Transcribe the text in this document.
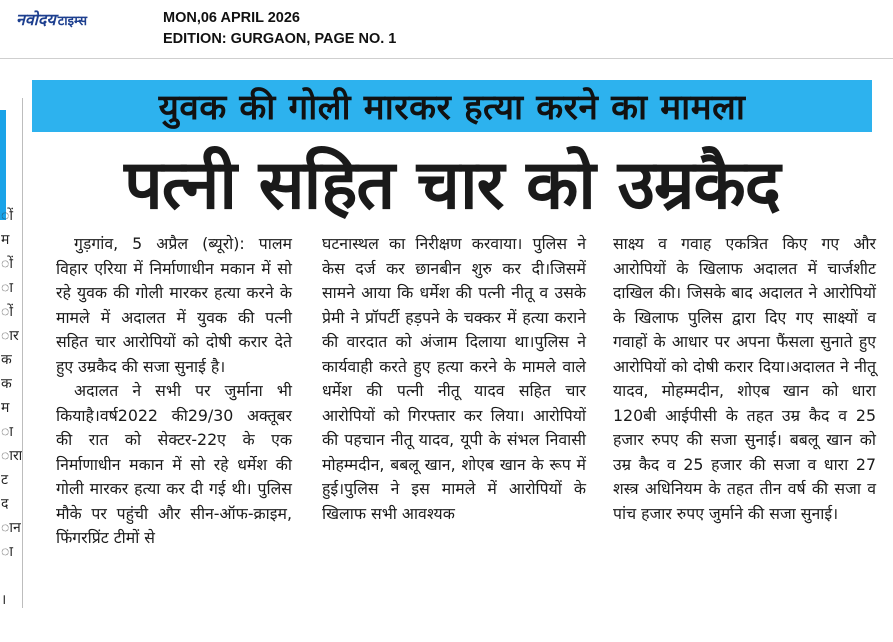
नवोदय टाइम्स	MON,06 APRIL 2026
EDITION: GURGAON, PAGE NO. 1
ों
म
ों
ा
ों
ार
क
क
म
ा
ारा
ट
द
ान
ा
।
युवक की गोली मारकर हत्या करने का मामला
पत्नी सहित चार को उम्रकैद

गुड़गांव, 5 अप्रैल (ब्यूरो): पालम विहार एरिया में निर्माणाधीन मकान में सो रहे युवक की गोली मारकर हत्या करने के मामले में अदालत में युवक की पत्नी सहित चार आरोपियों को दोषी करार देते हुए उम्रकैद की सजा सुनाई है।

अदालत ने सभी पर जुर्माना भी कियाहै।वर्ष2022 की29/30 अक्तूबर की रात को सेक्टर-22ए के एक निर्माणाधीन मकान में सो रहे धर्मेश की गोली मारकर हत्या कर दी गई थी। पुलिस मौके पर पहुंची और सीन-ऑफ-क्राइम, फिंगरप्रिंट टीमों से

घटनास्थल का निरीक्षण करवाया। पुलिस ने केस दर्ज कर छानबीन शुरु कर दी।जिसमें सामने आया कि धर्मेश की पत्नी नीतू व उसके प्रेमी ने प्रॉपर्टी हड़पने के चक्कर में हत्या कराने की वारदात को अंजाम दिलाया था।पुलिस ने कार्यवाही करते हुए हत्या करने के मामले वाले धर्मेश की पत्नी नीतू यादव सहित चार आरोपियों को गिरफ्तार कर लिया। आरोपियों की पहचान नीतू यादव, यूपी के संभल निवासी मोहम्मदीन, बबलू खान, शोएब खान के रूप में हुई।पुलिस ने इस मामले में आरोपियों के खिलाफ सभी आवश्यक

साक्ष्य व गवाह एकत्रित किए गए और आरोपियों के खिलाफ अदालत में चार्जशीट दाखिल की। जिसके बाद अदालत ने आरोपियों के खिलाफ पुलिस द्वारा दिए गए साक्ष्यों व गवाहों के आधार पर अपना फैंसला सुनाते हुए आरोपियों को दोषी करार दिया।अदालत ने नीतू यादव, मोहम्मदीन, शोएब खान को धारा 120बी आईपीसी के तहत उम्र कैद व 25 हजार रुपए की सजा सुनाई। बबलू खान को उम्र कैद व 25 हजार की सजा व धारा 27 शस्त्र अधिनियम के तहत तीन वर्ष की सजा व पांच हजार रुपए जुर्माने की सजा सुनाई।
